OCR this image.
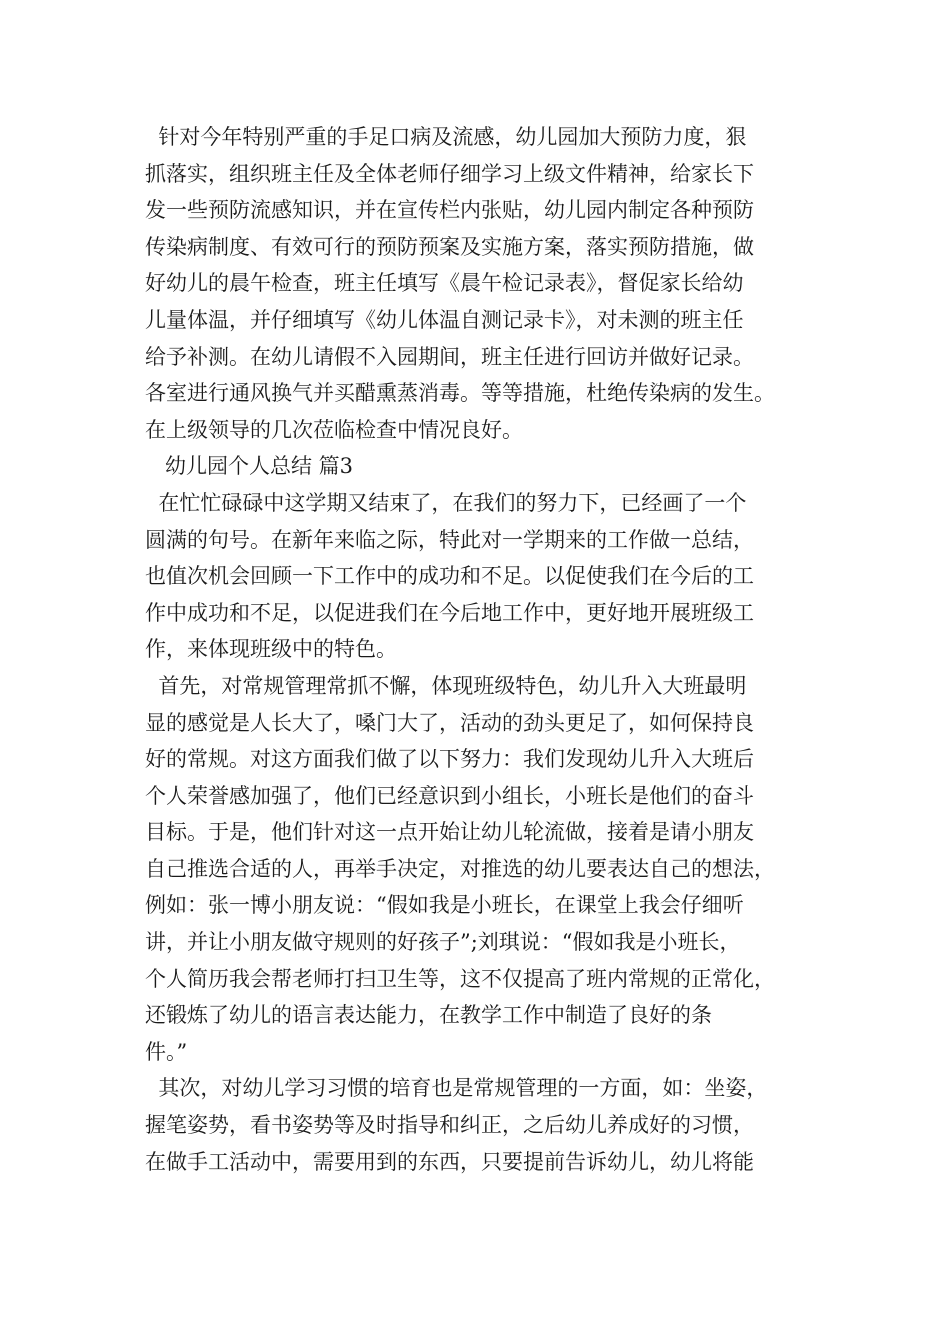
针对今年特别严重的手足口病及流感，幼儿园加大预防力度，狠
抓落实，组织班主任及全体老师仔细学习上级文件精神，给家长下
发一些预防流感知识，并在宣传栏内张贴，幼儿园内制定各种预防
传染病制度、有效可行的预防预案及实施方案，落实预防措施，做
好幼儿的晨午检查，班主任填写《晨午检记录表》，督促家长给幼
儿量体温，并仔细填写《幼儿体温自测记录卡》，对未测的班主任
给予补测。在幼儿请假不入园期间，班主任进行回访并做好记录。
各室进行通风换气并买醋熏蒸消毒。等等措施，杜绝传染病的发生。
在上级领导的几次莅临检查中情况良好。
幼儿园个人总结 篇3
在忙忙碌碌中这学期又结束了，在我们的努力下，已经画了一个
圆满的句号。在新年来临之际，特此对一学期来的工作做一总结，
也值次机会回顾一下工作中的成功和不足。以促使我们在今后的工
作中成功和不足，以促进我们在今后地工作中，更好地开展班级工
作，来体现班级中的特色。
首先，对常规管理常抓不懈，体现班级特色，幼儿升入大班最明
显的感觉是人长大了，嗓门大了，活动的劲头更足了，如何保持良
好的常规。对这方面我们做了以下努力：我们发现幼儿升入大班后
个人荣誉感加强了，他们已经意识到小组长，小班长是他们的奋斗
目标。于是，他们针对这一点开始让幼儿轮流做，接着是请小朋友
自己推选合适的人，再举手决定，对推选的幼儿要表达自己的想法，
例如：张一博小朋友说：“假如我是小班长，在课堂上我会仔细听
讲，并让小朋友做守规则的好孩子”;刘琪说：“假如我是小班长，
个人简历我会帮老师打扫卫生等，这不仅提高了班内常规的正常化，
还锻炼了幼儿的语言表达能力，在教学工作中制造了良好的条
件。”
其次，对幼儿学习习惯的培育也是常规管理的一方面，如：坐姿，
握笔姿势，看书姿势等及时指导和纠正，之后幼儿养成好的习惯，
在做手工活动中，需要用到的东西，只要提前告诉幼儿，幼儿将能
